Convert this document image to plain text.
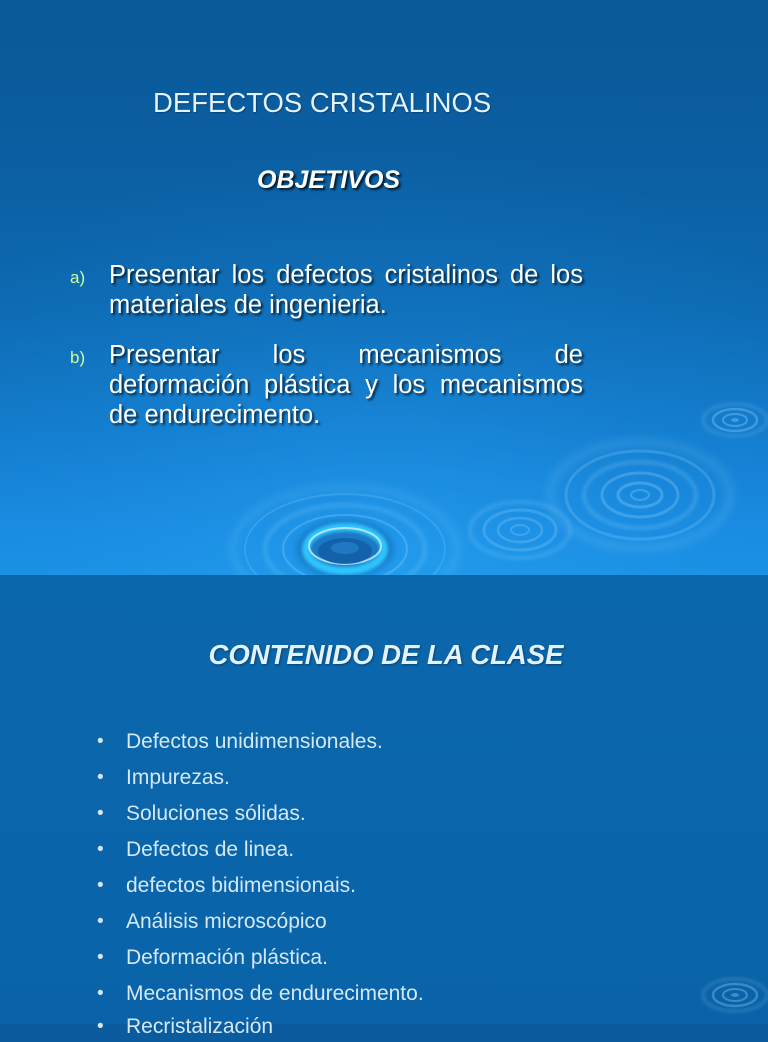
DEFECTOS CRISTALINOS
OBJETIVOS
a) Presentar los defectos cristalinos de los materiales de ingenieria.
b) Presentar los mecanismos de deformación plástica y los mecanismos de endurecimento.
CONTENIDO DE LA CLASE
• Defectos unidimensionales.
• Impurezas.
• Soluciones sólidas.
• Defectos de linea.
• defectos bidimensionais.
• Análisis microscópico
• Deformación plástica.
• Mecanismos de endurecimento.
• Recristalización
